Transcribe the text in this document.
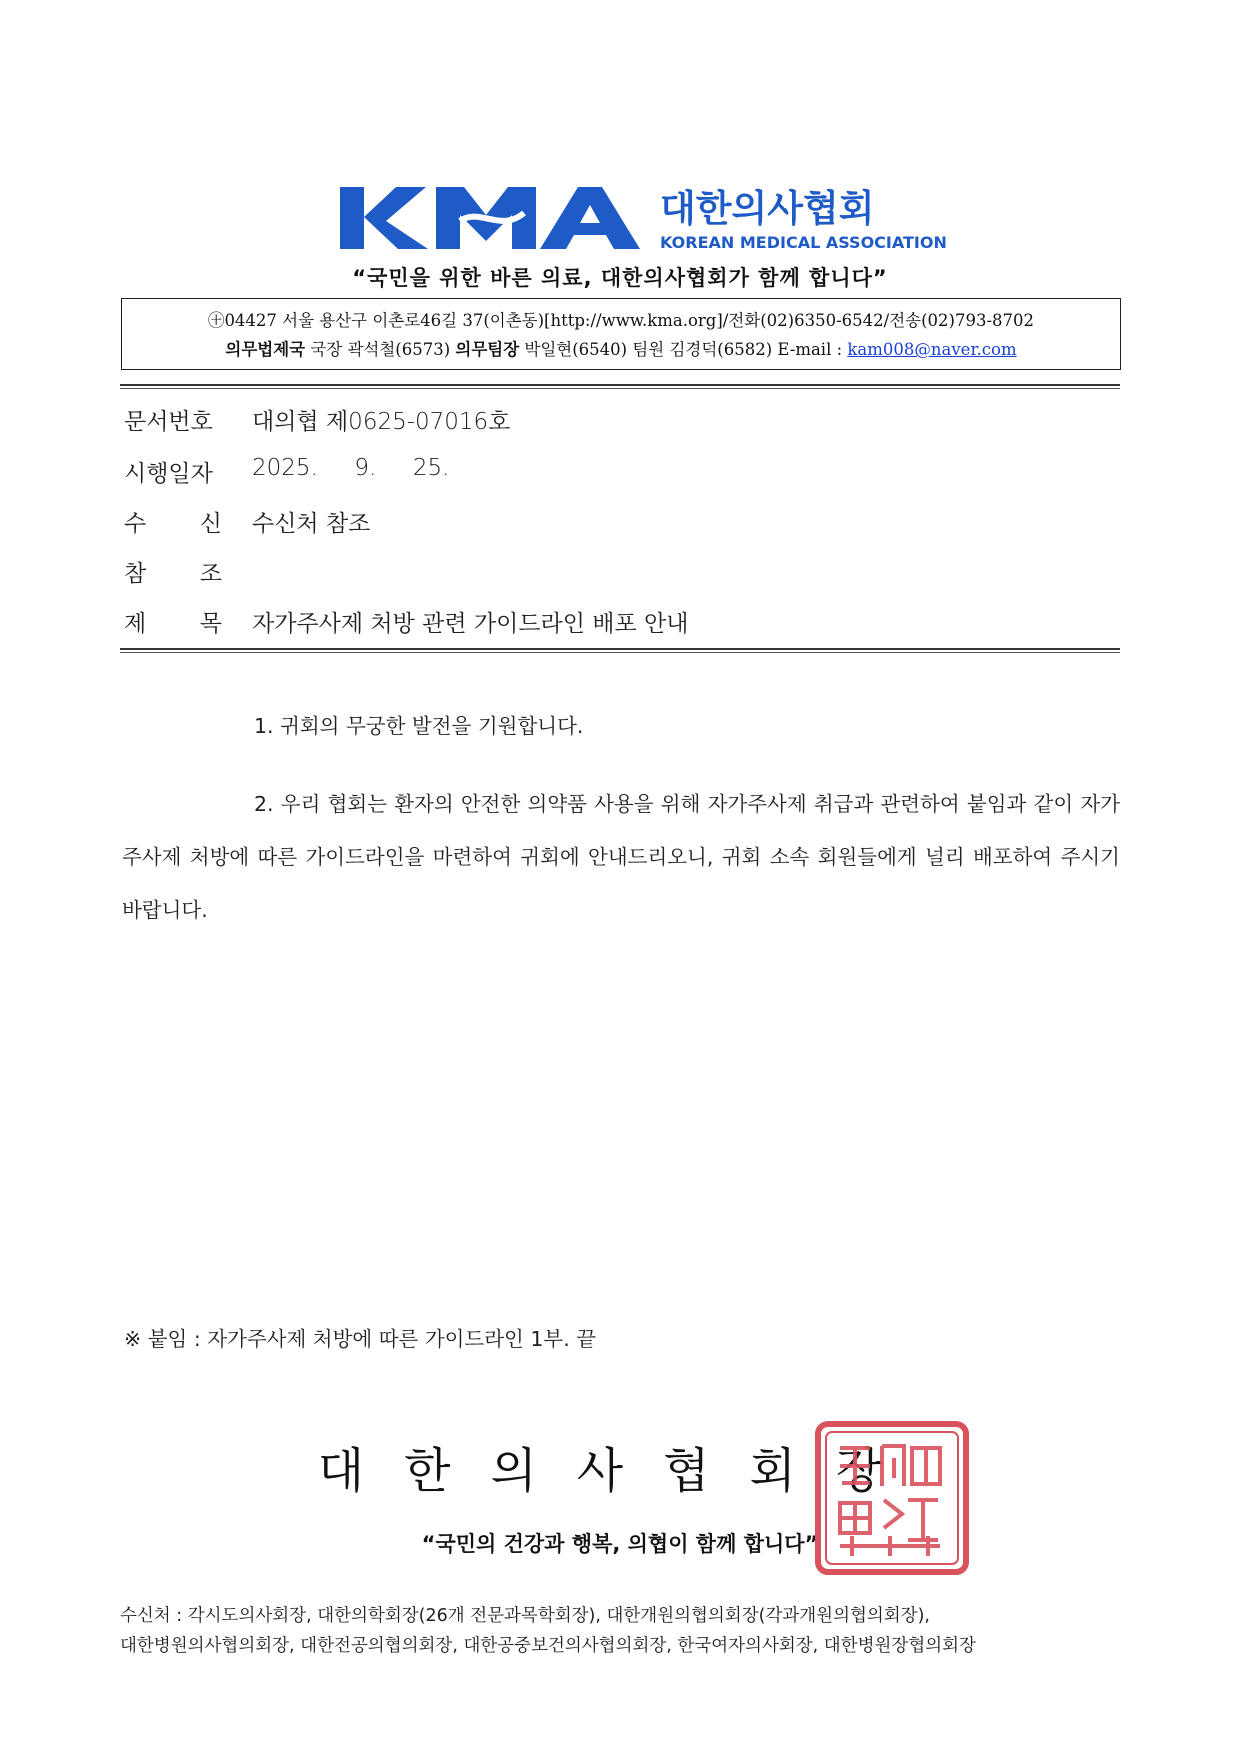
대한의사협회
KOREAN MEDICAL ASSOCIATION
“국민을 위한 바른 의료, 대한의사협회가 함께 합니다”
㊉04427 서울 용산구 이촌로46길 37(이촌동)[http://www.kma.org]/전화(02)6350-6542/전송(02)793-8702
의무법제국 국장 곽석철(6573) 의무팀장 박일현(6540) 팀원 김경덕(6582) E-mail : kam008@naver.com
문서번호	대의협 제0625-07016호
시행일자	2025.     9.     25.
수 신 수신처 참조
참 조
제 목 자가주사제 처방 관련 가이드라인 배포 안내
1. 귀회의 무궁한 발전을 기원합니다.
2. 우리 협회는 환자의 안전한 의약품 사용을 위해 자가주사제 취급과 관련하여 붙임과 같이 자가주사제 처방에 따른 가이드라인을 마련하여 귀회에 안내드리오니, 귀회 소속 회원들에게 널리 배포하여 주시기 바랍니다.
※ 붙임 : 자가주사제 처방에 따른 가이드라인 1부. 끝
대한의사협회장
“국민의 건강과 행복, 의협이 함께 합니다”
수신처 : 각시도의사회장, 대한의학회장(26개 전문과목학회장), 대한개원의협의회장(각과개원의협의회장),
대한병원의사협의회장, 대한전공의협의회장, 대한공중보건의사협의회장, 한국여자의사회장, 대한병원장협의회장
